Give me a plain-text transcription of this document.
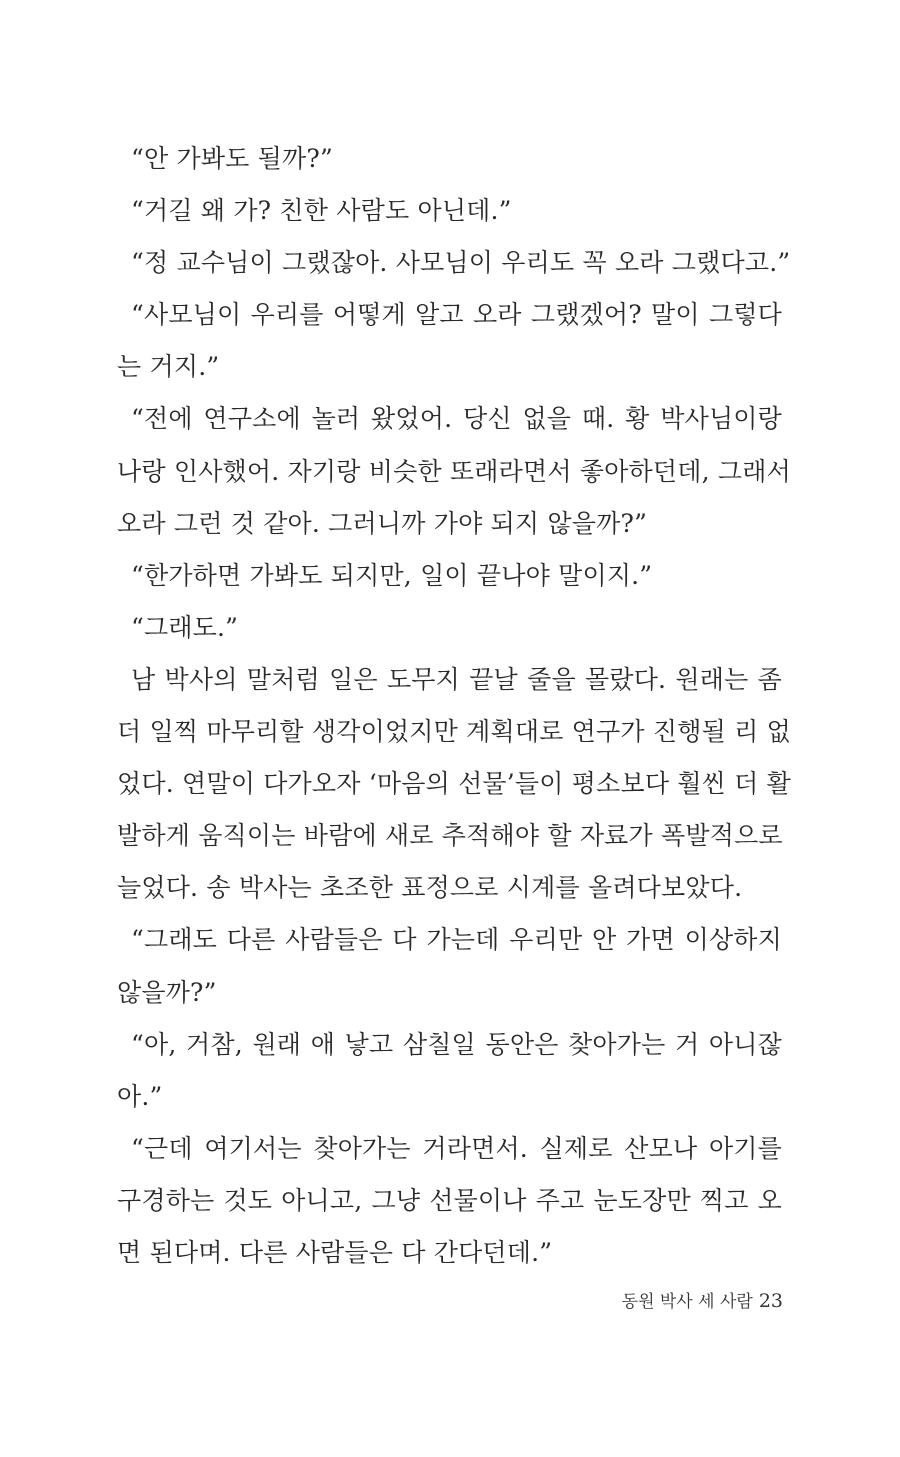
“안 가봐도 될까?”
“거길 왜 가? 친한 사람도 아닌데.”
“정 교수님이 그랬잖아. 사모님이 우리도 꼭 오라 그랬다고.”
“사모님이 우리를 어떻게 알고 오라 그랬겠어? 말이 그렇다
는 거지.”
“전에 연구소에 놀러 왔었어. 당신 없을 때. 황 박사님이랑
나랑 인사했어. 자기랑 비슷한 또래라면서 좋아하던데, 그래서
오라 그런 것 같아. 그러니까 가야 되지 않을까?”
“한가하면 가봐도 되지만, 일이 끝나야 말이지.”
“그래도.”
남 박사의 말처럼 일은 도무지 끝날 줄을 몰랐다. 원래는 좀
더 일찍 마무리할 생각이었지만 계획대로 연구가 진행될 리 없
었다. 연말이 다가오자 ‘마음의 선물’들이 평소보다 훨씬 더 활
발하게 움직이는 바람에 새로 추적해야 할 자료가 폭발적으로
늘었다. 송 박사는 초조한 표정으로 시계를 올려다보았다.
“그래도 다른 사람들은 다 가는데 우리만 안 가면 이상하지
않을까?”
“아, 거참, 원래 애 낳고 삼칠일 동안은 찾아가는 거 아니잖
아.”
“근데 여기서는 찾아가는 거라면서. 실제로 산모나 아기를
구경하는 것도 아니고, 그냥 선물이나 주고 눈도장만 찍고 오
면 된다며. 다른 사람들은 다 간다던데.”
동원 박사 세 사람 23
